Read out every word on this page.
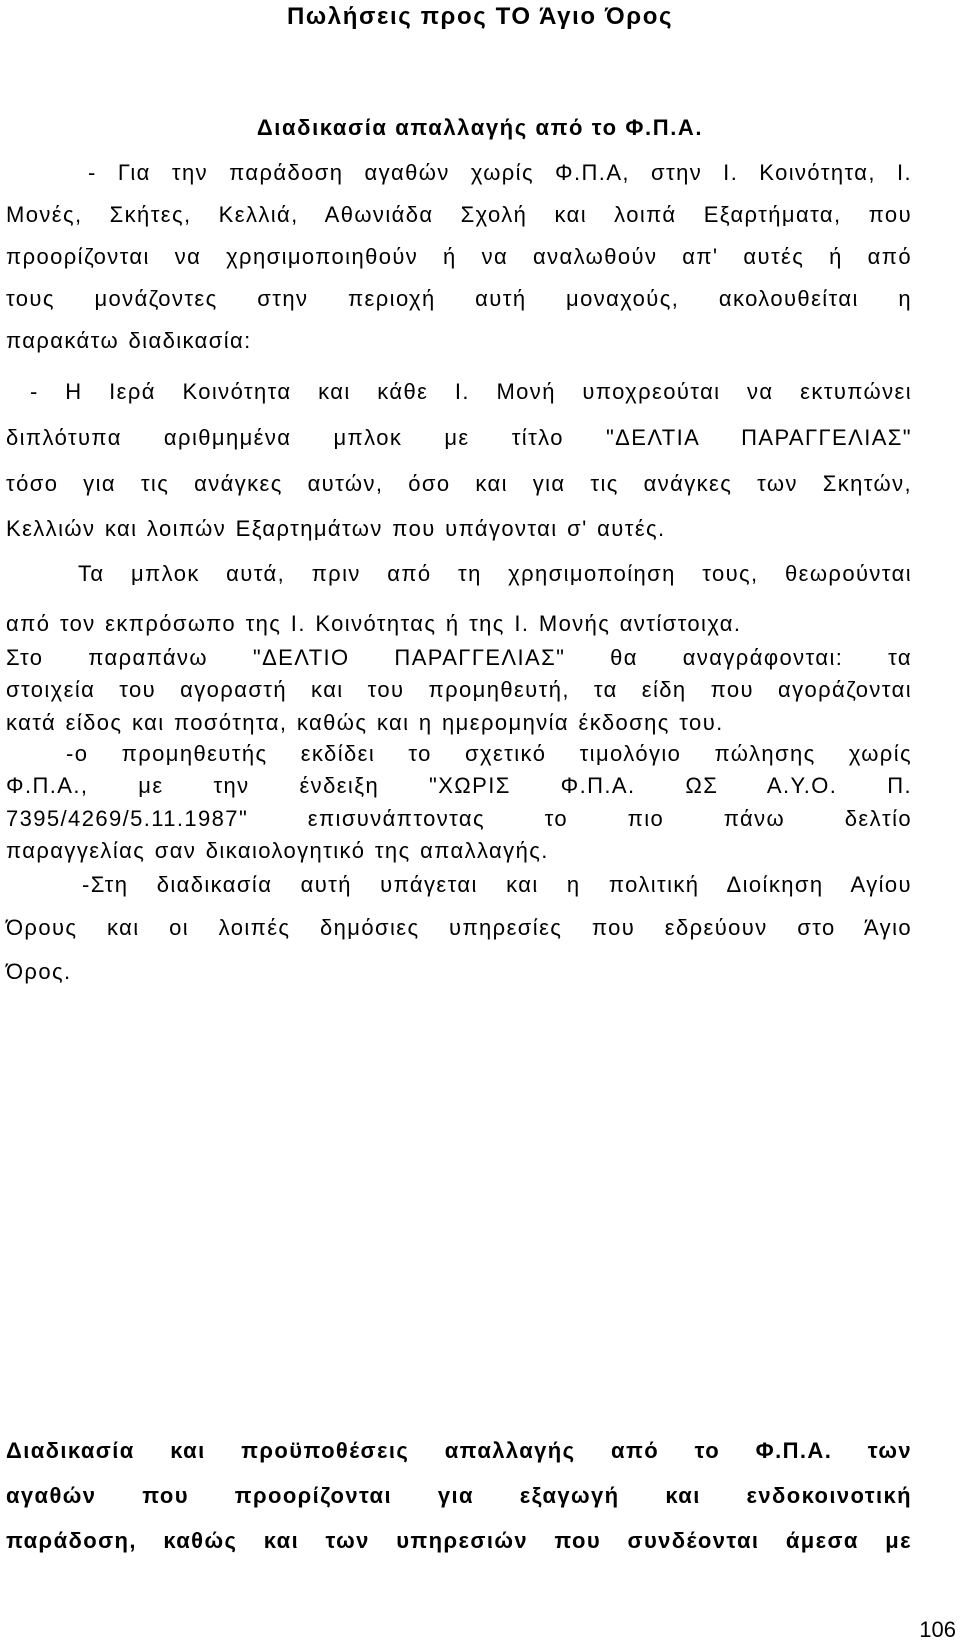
Πωλήσεις προς ΤΟ Άγιο Όρος
Διαδικασία απαλλαγής από το Φ.Π.Α.
- Για την παράδοση αγαθών χωρίς Φ.Π.Α, στην Ι. Κοινότητα, Ι.
Μονές, Σκήτες, Κελλιά, Αθωνιάδα Σχολή και λοιπά Εξαρτήματα, που
προορίζονται να χρησιμοποιηθούν ή να αναλωθούν απ' αυτές ή από
τους μονάζοντες στην περιοχή αυτή μοναχούς, ακολουθείται η
παρακάτω διαδικασία:
- Η Ιερά Κοινότητα και κάθε Ι. Μονή υποχρεούται να εκτυπώνει
διπλότυπα αριθμημένα μπλοκ με τίτλο "ΔΕΛΤΙΑ ΠΑΡΑΓΓΕΛΙΑΣ"
τόσο για τις ανάγκες αυτών, όσο και για τις ανάγκες των Σκητών,
Κελλιών και λοιπών Εξαρτημάτων που υπάγονται σ' αυτές.
Τα μπλοκ αυτά, πριν από τη χρησιμοποίηση τους, θεωρούνται
από τον εκπρόσωπο της Ι. Κοινότητας ή της Ι. Μονής αντίστοιχα.
Στο παραπάνω "ΔΕΛΤΙΟ ΠΑΡΑΓΓΕΛΙΑΣ" θα αναγράφονται: τα
στοιχεία του αγοραστή και του προμηθευτή, τα είδη που αγοράζονται
κατά είδος και ποσότητα, καθώς και η ημερομηνία έκδοσης του.
-ο προμηθευτής εκδίδει το σχετικό τιμολόγιο πώλησης χωρίς
Φ.Π.Α., με την ένδειξη "ΧΩΡΙΣ Φ.Π.Α. ΩΣ Α.Υ.Ο. Π.
7395/4269/5.11.1987" επισυνάπτοντας το πιο πάνω δελτίο
παραγγελίας σαν δικαιολογητικό της απαλλαγής.
-Στη διαδικασία αυτή υπάγεται και η πολιτική Διοίκηση Αγίου
Όρους και οι λοιπές δημόσιες υπηρεσίες που εδρεύουν στο Άγιο
Όρος.
Διαδικασία και προϋποθέσεις απαλλαγής από το Φ.Π.Α. των
αγαθών που προορίζονται για εξαγωγή και ενδοκοινοτική
παράδοση, καθώς και των υπηρεσιών που συνδέονται άμεσα με
106
